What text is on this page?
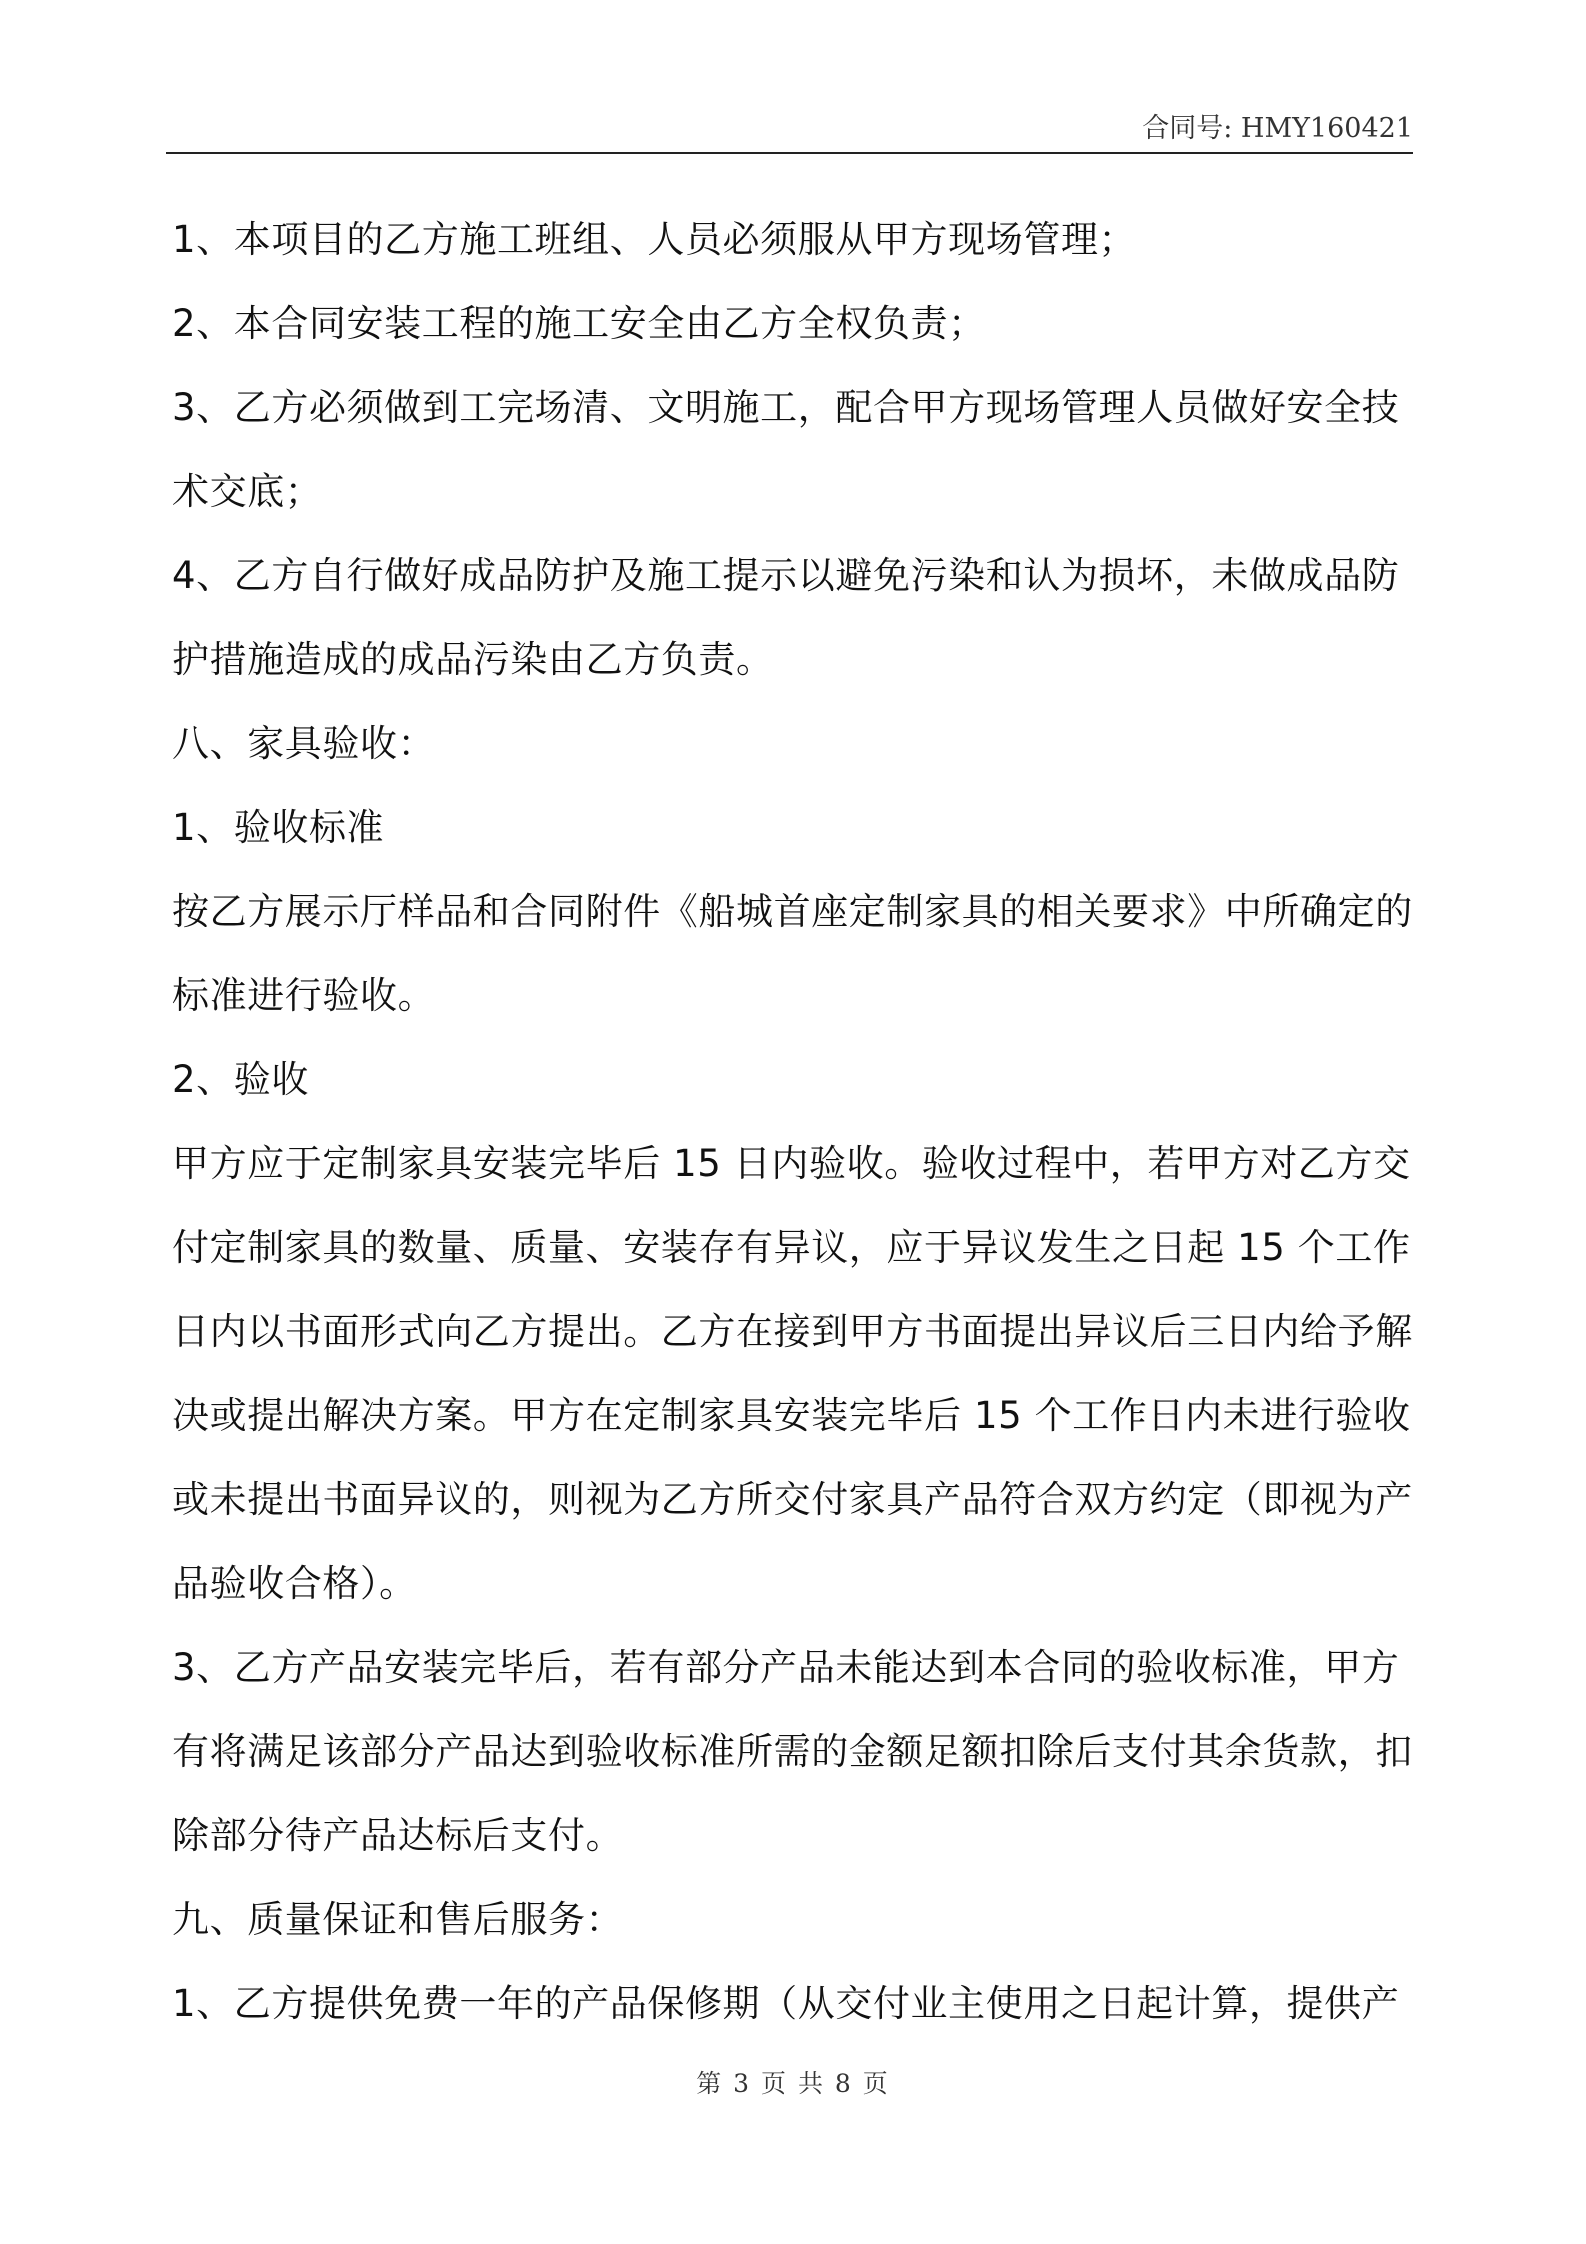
合同号: HMY160421

1、本项目的乙方施工班组、人员必须服从甲方现场管理；

2、本合同安装工程的施工安全由乙方全权负责；

3、乙方必须做到工完场清、文明施工，配合甲方现场管理人员做好安全技

术交底；

4、乙方自行做好成品防护及施工提示以避免污染和认为损坏，未做成品防

护措施造成的成品污染由乙方负责。

八、家具验收：

1、验收标准

按乙方展示厅样品和合同附件《船城首座定制家具的相关要求》中所确定的

标准进行验收。

2、验收

甲方应于定制家具安装完毕后 15 日内验收。验收过程中，若甲方对乙方交

付定制家具的数量、质量、安装存有异议，应于异议发生之日起 15 个工作

日内以书面形式向乙方提出。乙方在接到甲方书面提出异议后三日内给予解

决或提出解决方案。甲方在定制家具安装完毕后 15 个工作日内未进行验收

或未提出书面异议的，则视为乙方所交付家具产品符合双方约定（即视为产

品验收合格）。

3、乙方产品安装完毕后，若有部分产品未能达到本合同的验收标准，甲方

有将满足该部分产品达到验收标准所需的金额足额扣除后支付其余货款，扣

除部分待产品达标后支付。

九、质量保证和售后服务：

1、乙方提供免费一年的产品保修期（从交付业主使用之日起计算，提供产

第 3 页 共 8 页
